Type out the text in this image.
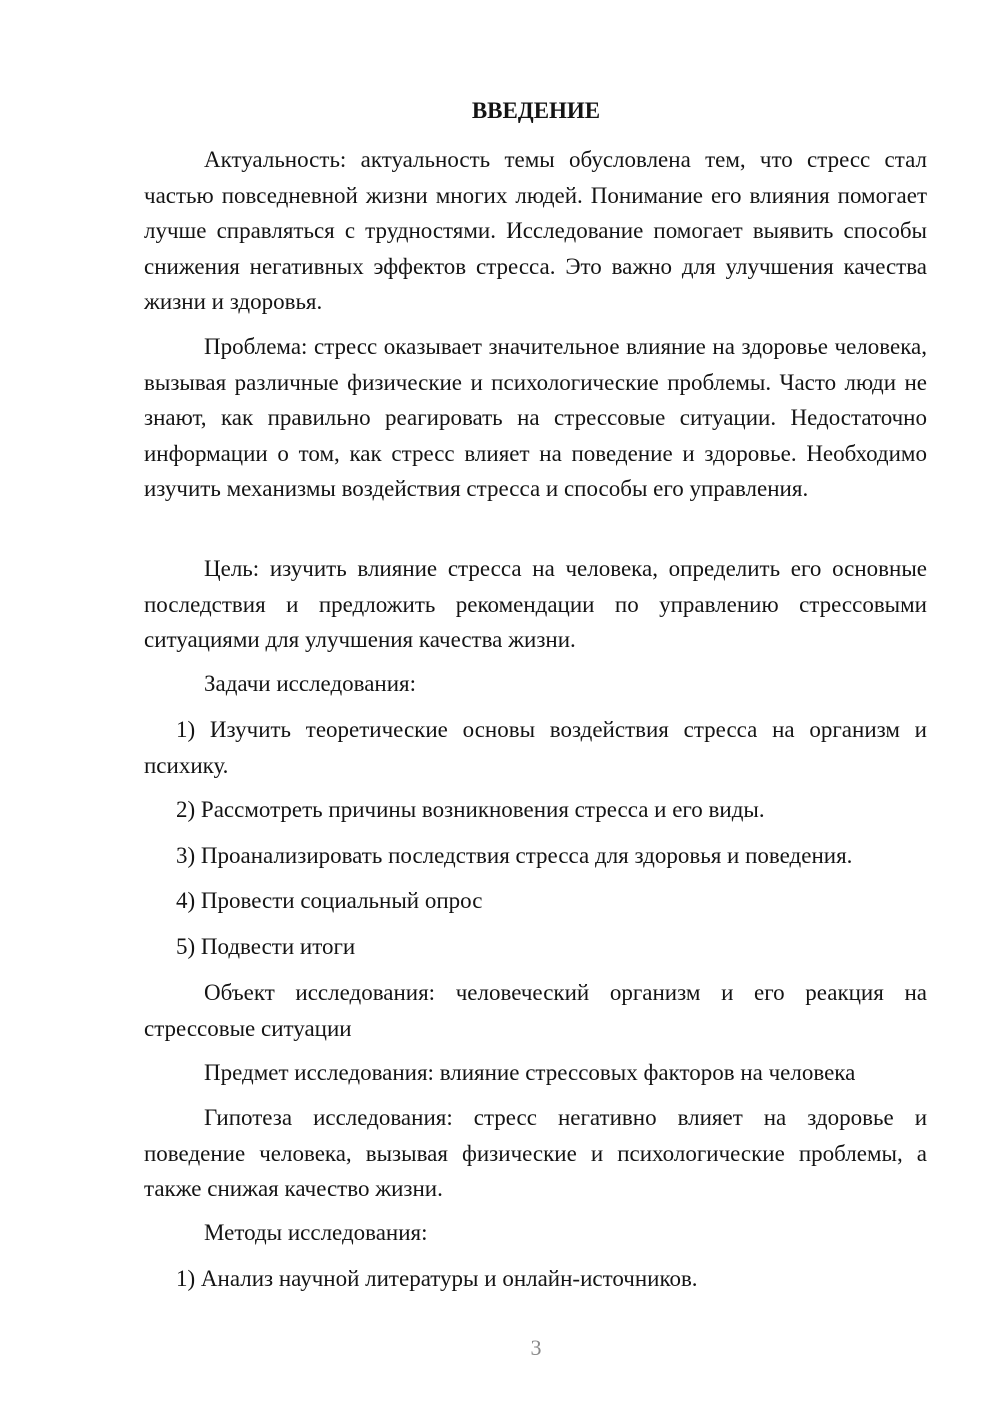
ВВЕДЕНИЕ

Актуальность: актуальность темы обусловлена тем, что стресс стал частью повседневной жизни многих людей. Понимание его влияния помогает лучше справляться с трудностями. Исследование помогает выявить способы снижения негативных эффектов стресса. Это важно для улучшения качества жизни и здоровья.

Проблема: стресс оказывает значительное влияние на здоровье человека, вызывая различные физические и психологические проблемы. Часто люди не знают, как правильно реагировать на стрессовые ситуации. Недостаточно информации о том, как стресс влияет на поведение и здоровье. Необходимо изучить механизмы воздействия стресса и способы его управления.

Цель: изучить влияние стресса на человека, определить его основные последствия и предложить рекомендации по управлению стрессовыми ситуациями для улучшения качества жизни.

Задачи исследования:

1) Изучить теоретические основы воздействия стресса на организм и психику.

2) Рассмотреть причины возникновения стресса и его виды.
3) Проанализировать последствия стресса для здоровья и поведения.
4) Провести социальный опрос
5) Подвести итоги

Объект исследования: человеческий организм и его реакция на стрессовые ситуации

Предмет исследования: влияние стрессовых факторов на человека

Гипотеза исследования: стресс негативно влияет на здоровье и поведение человека, вызывая физические и психологические проблемы, а также снижая качество жизни.

Методы исследования:
1) Анализ научной литературы и онлайн-источников.
3
